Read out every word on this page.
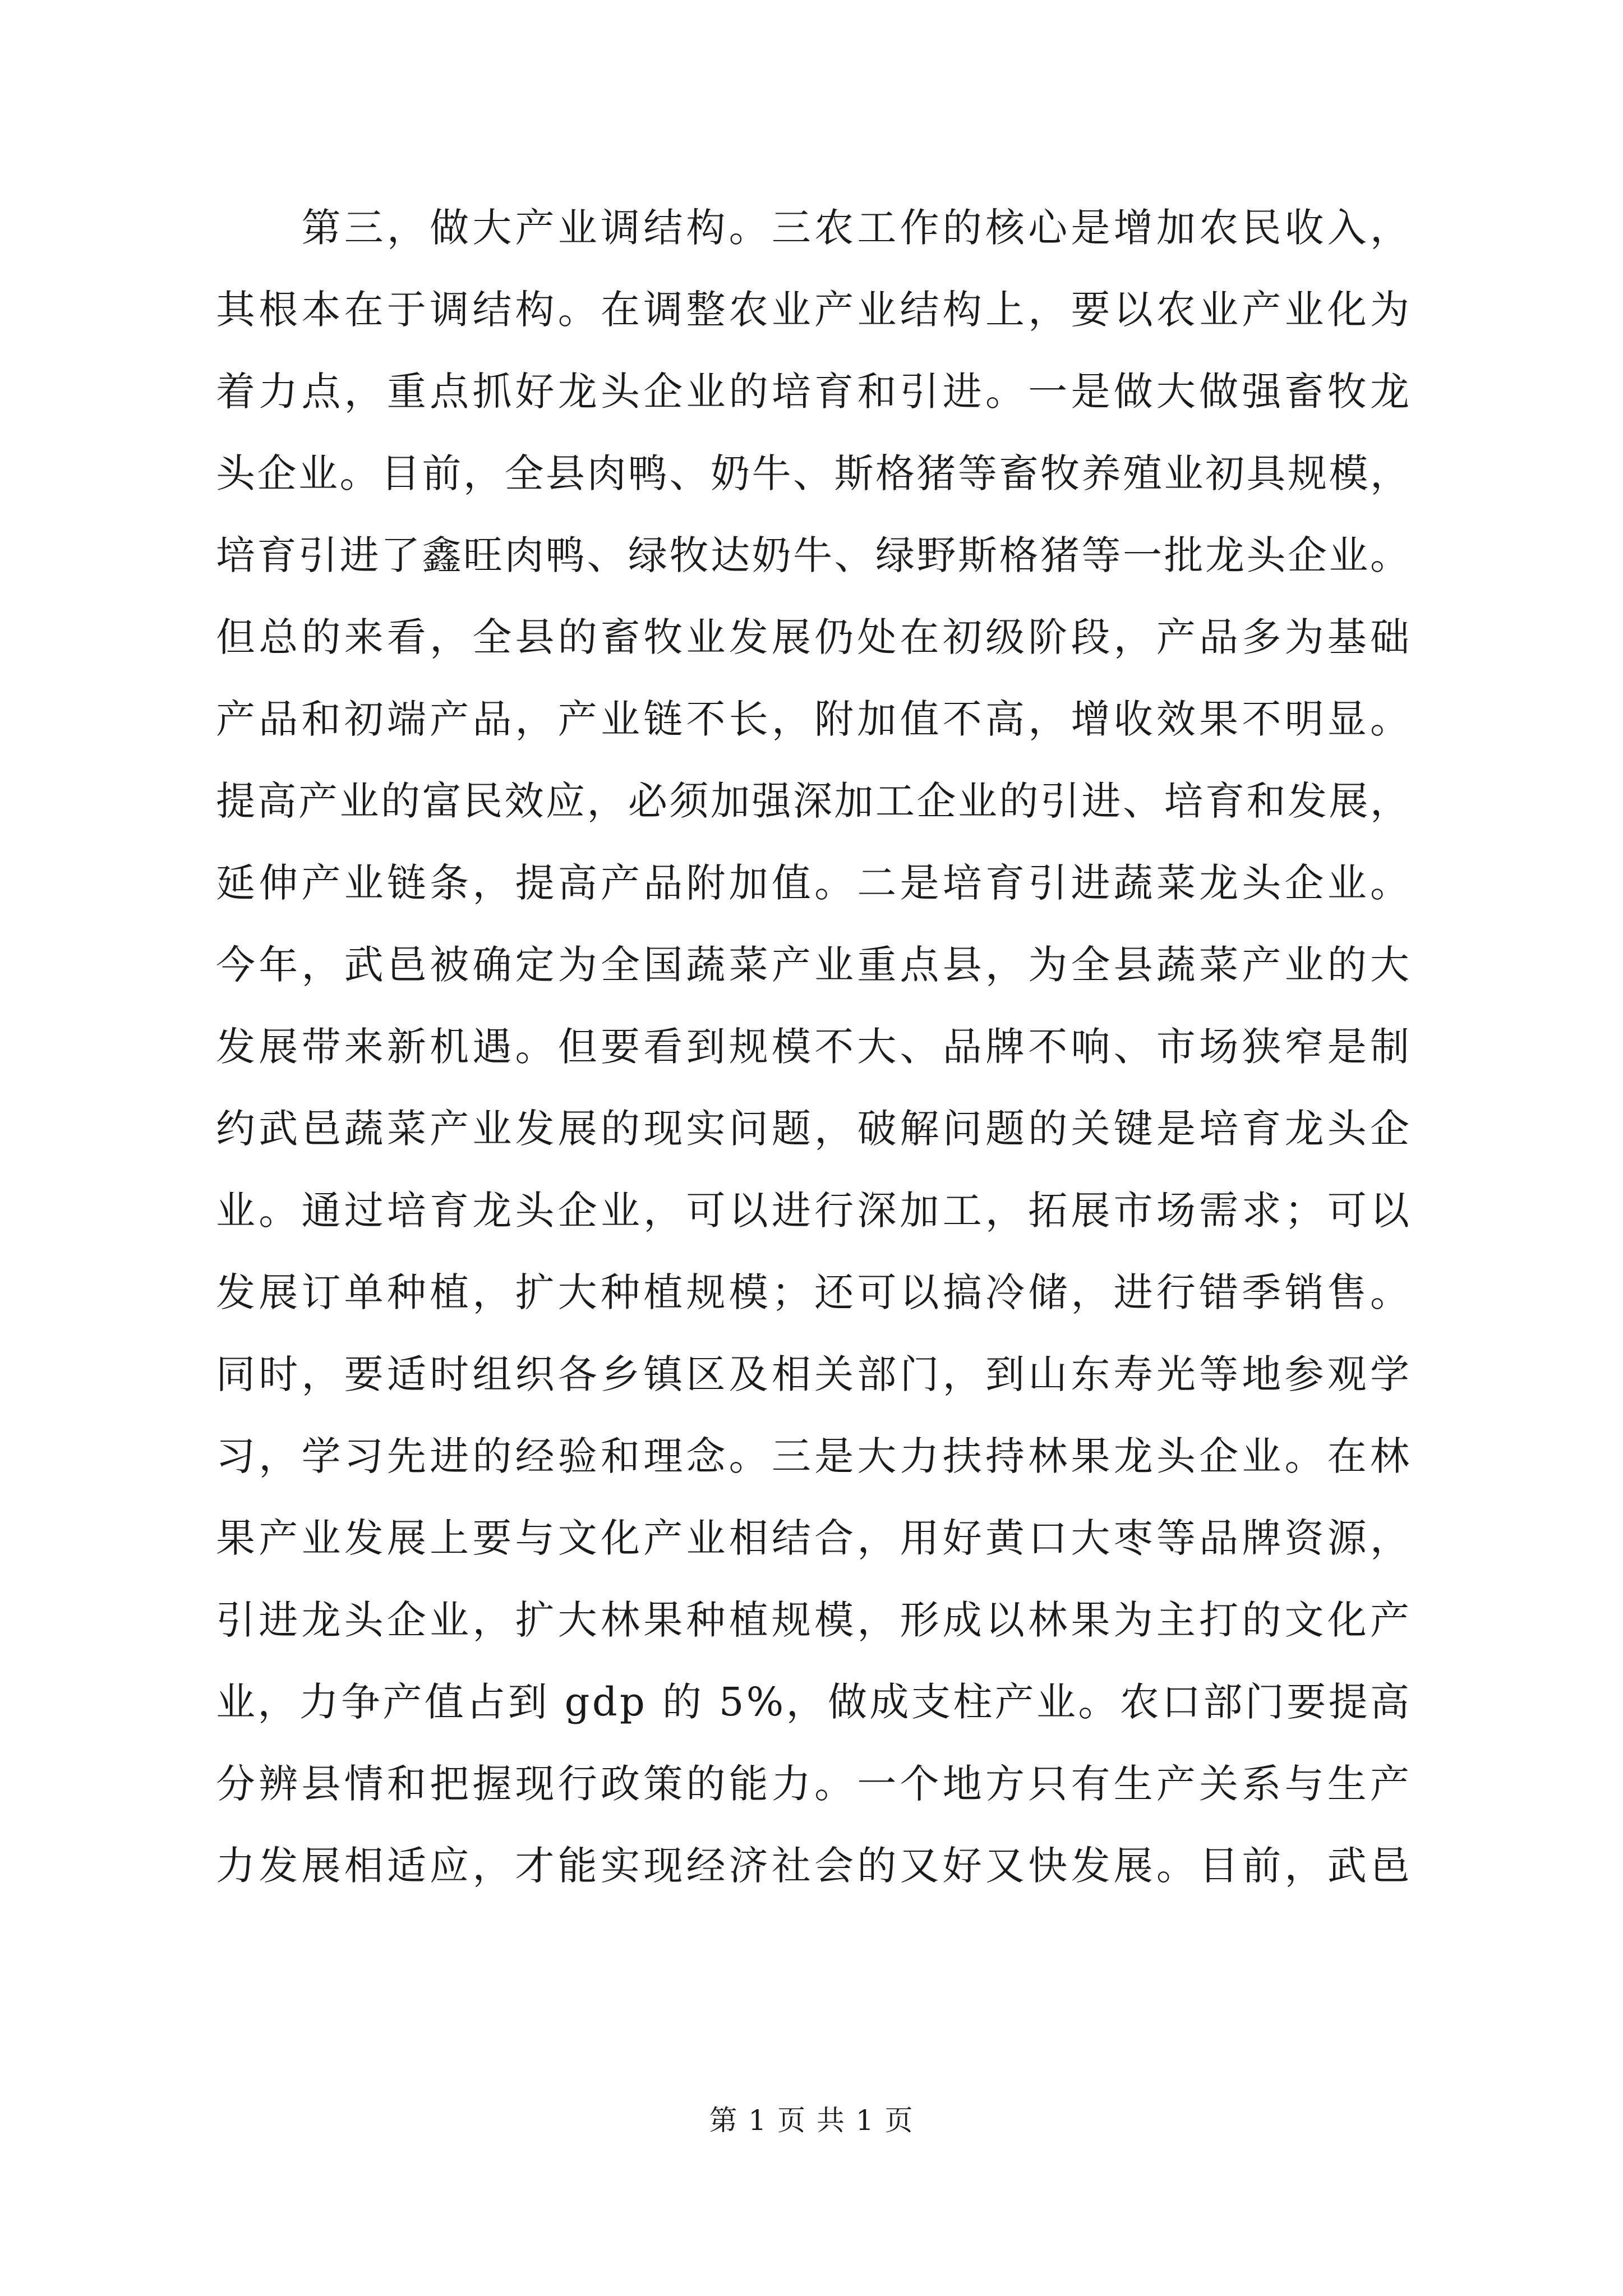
　　第三，做大产业调结构。三农工作的核心是增加农民收入，
其根本在于调结构。在调整农业产业结构上，要以农业产业化为
着力点，重点抓好龙头企业的培育和引进。一是做大做强畜牧龙
头企业。目前，全县肉鸭、奶牛、斯格猪等畜牧养殖业初具规模，
培育引进了鑫旺肉鸭、绿牧达奶牛、绿野斯格猪等一批龙头企业。
但总的来看，全县的畜牧业发展仍处在初级阶段，产品多为基础
产品和初端产品，产业链不长，附加值不高，增收效果不明显。
提高产业的富民效应，必须加强深加工企业的引进、培育和发展，
延伸产业链条，提高产品附加值。二是培育引进蔬菜龙头企业。
今年，武邑被确定为全国蔬菜产业重点县，为全县蔬菜产业的大
发展带来新机遇。但要看到规模不大、品牌不响、市场狭窄是制
约武邑蔬菜产业发展的现实问题，破解问题的关键是培育龙头企
业。通过培育龙头企业，可以进行深加工，拓展市场需求；可以
发展订单种植，扩大种植规模；还可以搞冷储，进行错季销售。
同时，要适时组织各乡镇区及相关部门，到山东寿光等地参观学
习，学习先进的经验和理念。三是大力扶持林果龙头企业。在林
果产业发展上要与文化产业相结合，用好黄口大枣等品牌资源，
引进龙头企业，扩大林果种植规模，形成以林果为主打的文化产
业，力争产值占到 gdp 的 5%，做成支柱产业。农口部门要提高
分辨县情和把握现行政策的能力。一个地方只有生产关系与生产
力发展相适应，才能实现经济社会的又好又快发展。目前，武邑
第 1 页 共 1 页
